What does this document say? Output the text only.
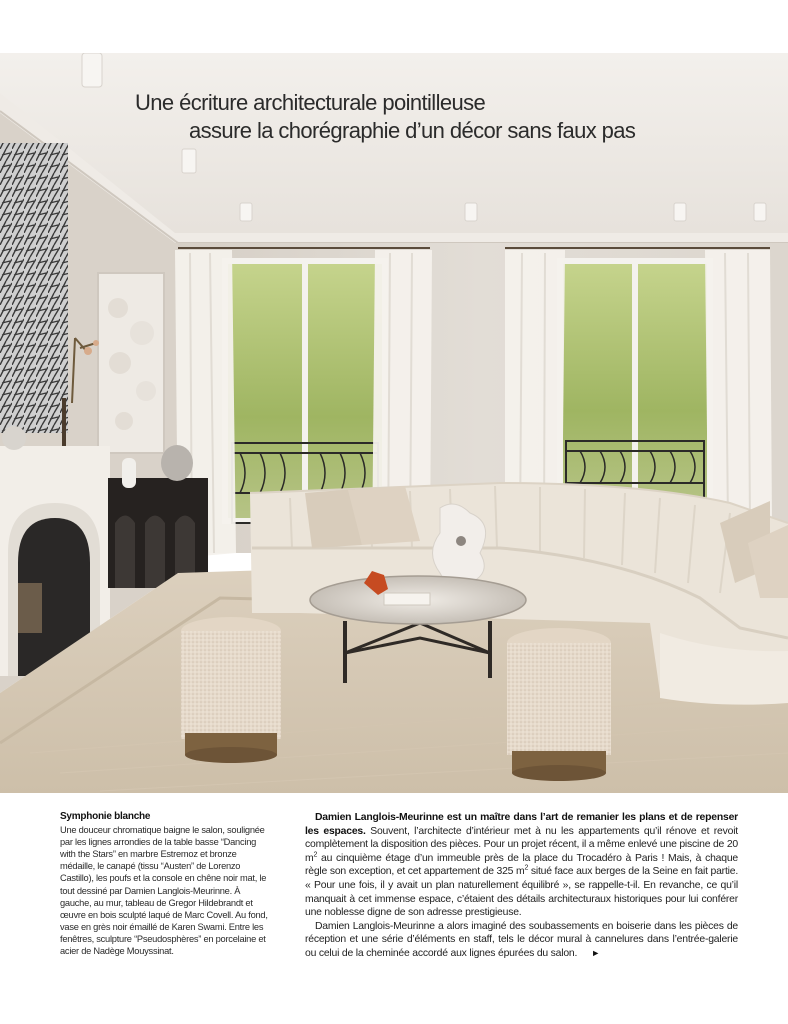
Une écriture architecturale pointilleuse
assure la chorégraphie d’un décor sans faux pas
Symphonie blanche
Une douceur chromatique baigne le salon, soulignée par les lignes arrondies de la table basse “Dancing with the Stars” en marbre Estremoz et bronze médaille, le canapé (tissu “Austen” de Lorenzo Castillo), les poufs et la console en chêne noir mat, le tout dessiné par Damien Langlois-Meurinne. À gauche, au mur, tableau de Gregor Hildebrandt et œuvre en bois sculpté laqué de Marc Covell. Au fond, vase en grès noir émaillé de Karen Swami. Entre les fenêtres, sculpture “Pseudosphères” en porcelaine et acier de Nadège Mouyssinat.

Damien Langlois-Meurinne est un maître dans l’art de remanier les plans et de repenser les espaces. Souvent, l’architecte d’intérieur met à nu les appartements qu’il rénove et revoit complètement la disposition des pièces. Pour un projet récent, il a même enlevé une piscine de 20 $m^2$ au cinquième étage d’un immeuble près de la place du Trocadéro à Paris ! Mais, à chaque règle son exception, et cet appartement de 325 $m^2$ situé face aux berges de la Seine en fait partie. « Pour une fois, il y avait un plan naturellement équilibré », se rappelle-t-il. En revanche, ce qu’il manquait à cet immense espace, c’étaient des détails architecturaux historiques pour lui conférer une noblesse digne de son adresse prestigieuse.

Damien Langlois-Meurinne a alors imaginé des soubassements en boiserie dans les pièces de réception et une série d’éléments en staff, tels le décor mural à cannelures dans l’entrée-galerie ou celui de la cheminée accordé aux lignes épurées du salon. ►
